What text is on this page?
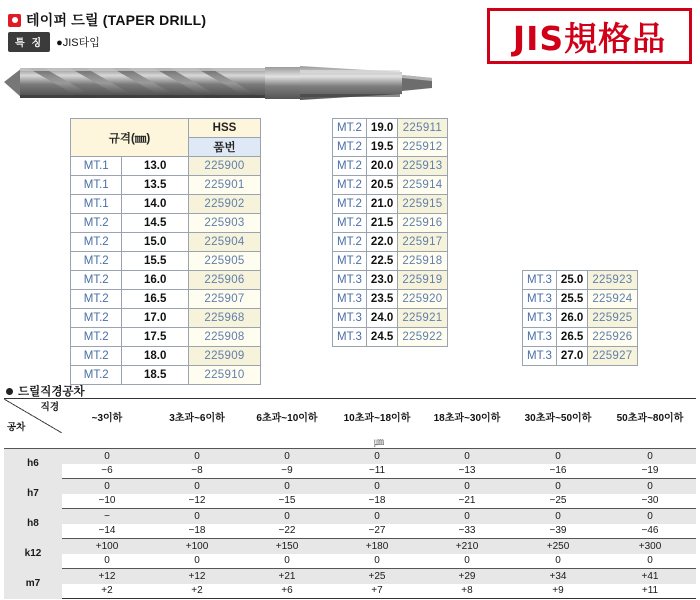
테이퍼 드릴 (TAPER DRILL)
특 징	●JIS타입	JIS規格品
규격(㎜)		HSS
		품번
MT.1	13.0	225900
MT.1	13.5	225901
MT.1	14.0	225902
MT.2	14.5	225903
MT.2	15.0	225904
MT.2	15.5	225905
MT.2	16.0	225906
MT.2	16.5	225907
MT.2	17.0	225968
MT.2	17.5	225908
MT.2	18.0	225909
MT.2	18.5	225910
MT.2	19.0	225911
MT.2	19.5	225912
MT.2	20.0	225913
MT.2	20.5	225914
MT.2	21.0	225915
MT.2	21.5	225916
MT.2	22.0	225917
MT.2	22.5	225918
MT.3	23.0	225919
MT.3	23.5	225920
MT.3	24.0	225921
MT.3	24.5	225922
MT.3	25.0	225923
MT.3	25.5	225924
MT.3	26.0	225925
MT.3	26.5	225926
MT.3	27.0	225927
드릴직경공차
직경
공차	~3이하	3초과~6이하	6초과~10이하	10초과~18이하	18초과~30이하	30초과~50이하	50초과~80이하
	㎛						
h6	0	0	0	0	0	0	0
	−6	−8	−9	−11	−13	−16	−19
h7	0	0	0	0	0	0	0
	−10	−12	−15	−18	−21	−25	−30
h8	−	0	0	0	0	0	0
	−14	−18	−22	−27	−33	−39	−46
k12	+100	+100	+150	+180	+210	+250	+300
	0	0	0	0	0	0	0
m7	+12	+12	+21	+25	+29	+34	+41
	+2	+2	+6	+7	+8	+9	+11
